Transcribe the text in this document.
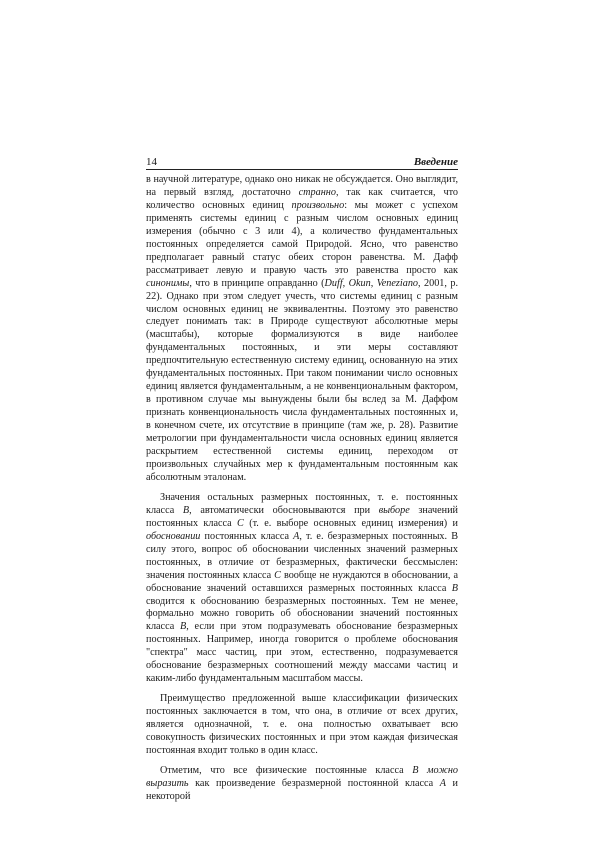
14	Введение

в научной литературе, однако оно никак не обсуждается. Оно выглядит, на первый взгляд, достаточно странно, так как считается, что количество основных единиц произвольно: мы может с успехом применять системы единиц с разным числом основных единиц измерения (обычно с 3 или 4), а количество фундаментальных постоянных определяется самой Природой. Ясно, что равенство предполагает равный статус обеих сторон равенства. М. Дафф рассматривает левую и правую часть это равенства просто как синонимы, что в принципе оправданно (Duff, Okun, Veneziano, 2001, p. 22). Однако при этом следует учесть, что системы единиц с разным числом основных единиц не эквивалентны. Поэтому это равенство следует понимать так: в Природе существуют абсолютные меры (масштабы), которые формализуются в виде наиболее фундаментальных постоянных, и эти меры составляют предпочтительную естественную систему единиц, основанную на этих фундаментальных постоянных. При таком понимании число основных единиц является фундаментальным, а не конвенциональным фактором, в противном случае мы вынуждены были бы вслед за М. Даффом признать конвенциональность числа фундаментальных постоянных и, в конечном счете, их отсутствие в принципе (там же, p. 28). Развитие метрологии при фундаментальности числа основных единиц является раскрытием естественной системы единиц, переходом от произвольных случайных мер к фундаментальным постоянным как абсолютным эталонам.

Значения остальных размерных постоянных, т. е. постоянных класса B, автоматически обосновываются при выборе значений постоянных класса C (т. е. выборе основных единиц измерения) и обосновании постоянных класса A, т. е. безразмерных постоянных. В силу этого, вопрос об обосновании численных значений размерных постоянных, в отличие от безразмерных, фактически бессмыслен: значения постоянных класса C вообще не нуждаются в обосновании, а обоснование значений оставшихся размерных постоянных класса B сводится к обоснованию безразмерных постоянных. Тем не менее, формально можно говорить об обосновании значений постоянных класса B, если при этом подразумевать обоснование безразмерных постоянных. Например, иногда говорится о проблеме обоснования "спектра" масс частиц, при этом, естественно, подразумевается обоснование безразмерных соотношений между массами частиц и каким-либо фундаментальным масштабом массы.

Преимущество предложенной выше классификации физических постоянных заключается в том, что она, в отличие от всех других, является однозначной, т. е. она полностью охватывает всю совокупность физических постоянных и при этом каждая физическая постоянная входит только в один класс.

Отметим, что все физические постоянные класса B можно выразить как произведение безразмерной постоянной класса A и некоторой
